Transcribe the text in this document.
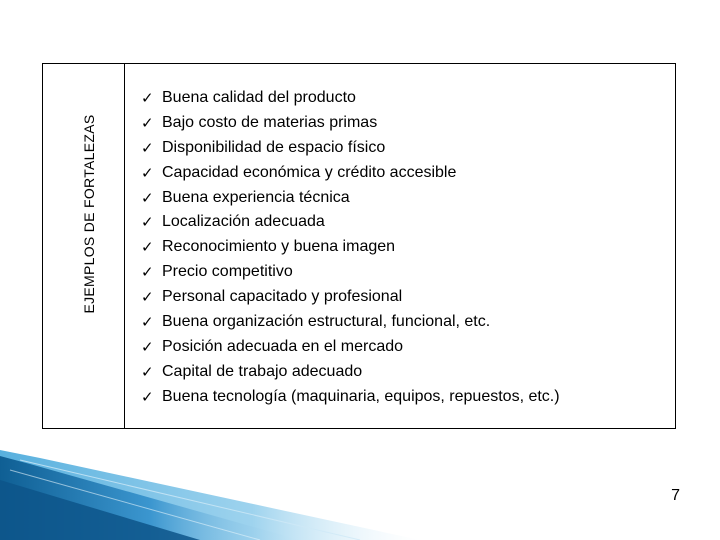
EJEMPLOS DE FORTALEZAS
✓ Buena calidad del producto
✓ Bajo costo de materias primas
✓ Disponibilidad de espacio físico
✓ Capacidad económica y crédito accesible
✓ Buena experiencia técnica
✓ Localización adecuada
✓ Reconocimiento y buena imagen
✓ Precio competitivo
✓ Personal capacitado y profesional
✓ Buena organización estructural, funcional, etc.
✓ Posición adecuada en el mercado
✓ Capital de trabajo adecuado
✓ Buena tecnología (maquinaria, equipos, repuestos, etc.)
7
